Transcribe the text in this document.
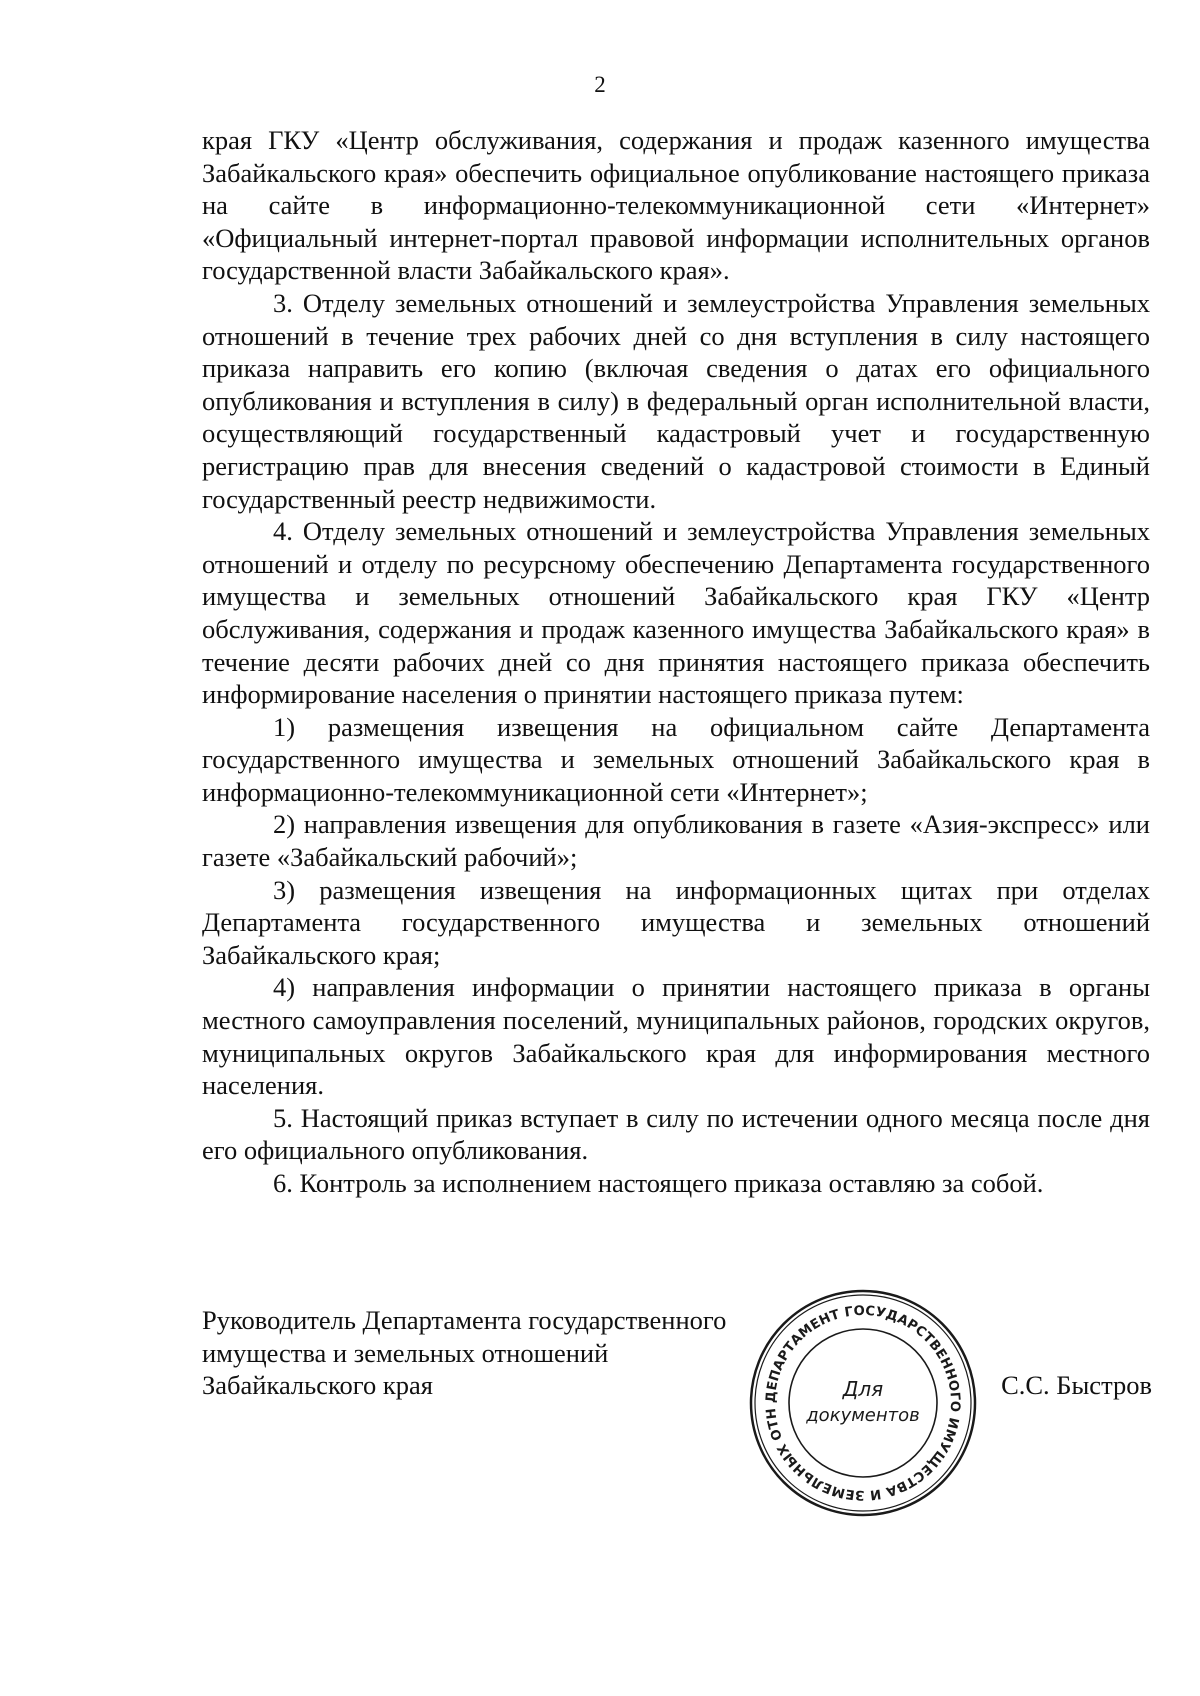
2

края ГКУ «Центр обслуживания, содержания и продаж казенного имущества Забайкальского края» обеспечить официальное опубликование настоящего приказа на сайте в информационно-телекоммуникационной сети «Интернет» «Официальный интернет-портал правовой информации исполнительных органов государственной власти Забайкальского края».

3. Отделу земельных отношений и землеустройства Управления земельных отношений в течение трех рабочих дней со дня вступления в силу настоящего приказа направить его копию (включая сведения о датах его официального опубликования и вступления в силу) в федеральный орган исполнительной власти, осуществляющий государственный кадастровый учет и государственную регистрацию прав для внесения сведений о кадастровой стоимости в Единый государственный реестр недвижимости.

4. Отделу земельных отношений и землеустройства Управления земельных отношений и отделу по ресурсному обеспечению Департамента государственного имущества и земельных отношений Забайкальского края ГКУ «Центр обслуживания, содержания и продаж казенного имущества Забайкальского края» в течение десяти рабочих дней со дня принятия настоящего приказа обеспечить информирование населения о принятии настоящего приказа путем:

1) размещения извещения на официальном сайте Департамента государственного имущества и земельных отношений Забайкальского края в информационно-телекоммуникационной сети «Интернет»;

2) направления извещения для опубликования в газете «Азия-экспресс» или газете «Забайкальский рабочий»;

3) размещения извещения на информационных щитах при отделах Департамента государственного имущества и земельных отношений Забайкальского края;

4) направления информации о принятии настоящего приказа в органы местного самоуправления поселений, муниципальных районов, городских округов, муниципальных округов Забайкальского края для информирования местного населения.

5. Настоящий приказ вступает в силу по истечении одного месяца после дня его официального опубликования.

6. Контроль за исполнением настоящего приказа оставляю за собой.

Руководитель Департамента государственного
имущества и земельных отношений
Забайкальского края	С.С. Быстров
ДЕПАРТАМЕНТ ГОСУДАРСТВЕННОГО ИМУЩЕСТВА И ЗЕМЕЛЬНЫХ ОТН
Для
документов
